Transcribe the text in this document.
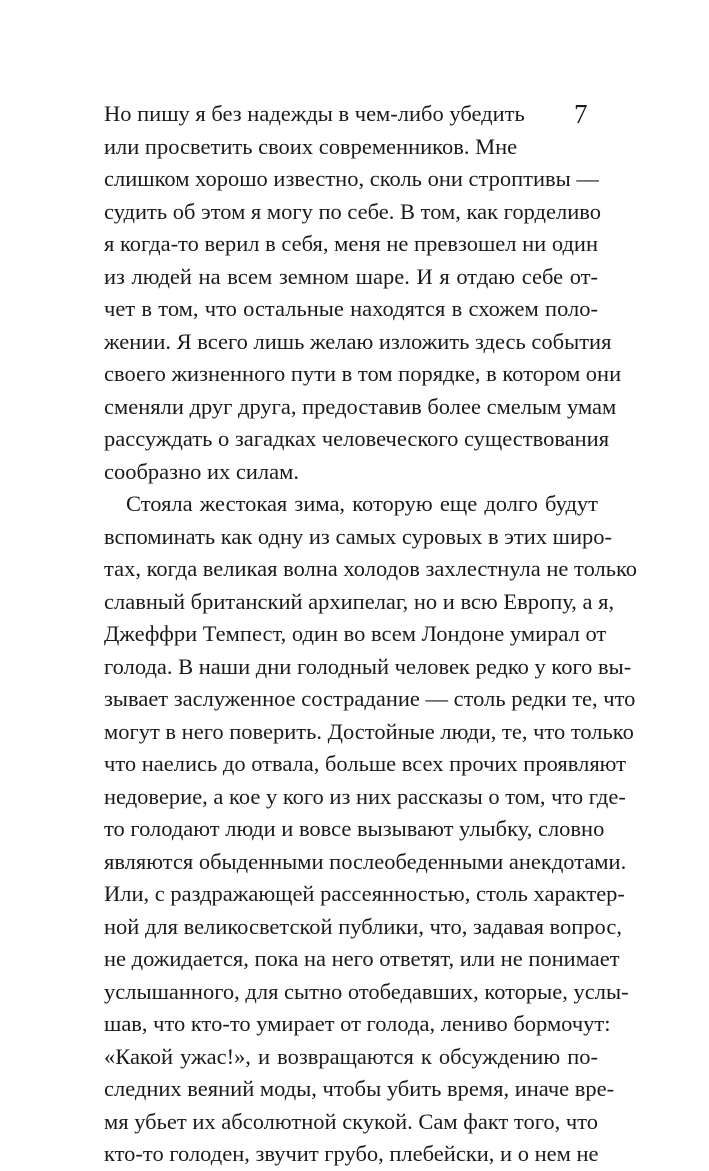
Но пишу я без надежды в чем-либо убедить
или просветить своих современников. Мне
слишком хорошо известно, сколь они строптивы —
судить об этом я могу по себе. В том, как горделиво
я когда-то верил в себя, меня не превзошел ни один
из людей на всем земном шаре. И я отдаю себе от-
чет в том, что остальные находятся в схожем поло-
жении. Я всего лишь желаю изложить здесь события
своего жизненного пути в том порядке, в котором они
сменяли друг друга, предоставив более смелым умам
рассуждать о загадках человеческого существования
сообразно их силам.
Стояла жестокая зима, которую еще долго будут
вспоминать как одну из самых суровых в этих широ-
тах, когда великая волна холодов захлестнула не только
славный британский архипелаг, но и всю Европу, а я,
Джеффри Темпест, один во всем Лондоне умирал от
голода. В наши дни голодный человек редко у кого вы-
зывает заслуженное сострадание — столь редки те, что
могут в него поверить. Достойные люди, те, что только
что наелись до отвала, больше всех прочих проявляют
недоверие, а кое у кого из них рассказы о том, что где-
то голодают люди и вовсе вызывают улыбку, словно
являются обыденными послеобеденными анекдотами.
Или, с раздражающей рассеянностью, столь характер-
ной для великосветской публики, что, задавая вопрос,
не дожидается, пока на него ответят, или не понимает
услышанного, для сытно отобедавших, которые, услы-
шав, что кто-то умирает от голода, лениво бормочут:
«Какой ужас!», и возвращаются к обсуждению по-
следних веяний моды, чтобы убить время, иначе вре-
мя убьет их абсолютной скукой. Сам факт того, что
кто-то голоден, звучит грубо, плебейски, и о нем не
7
